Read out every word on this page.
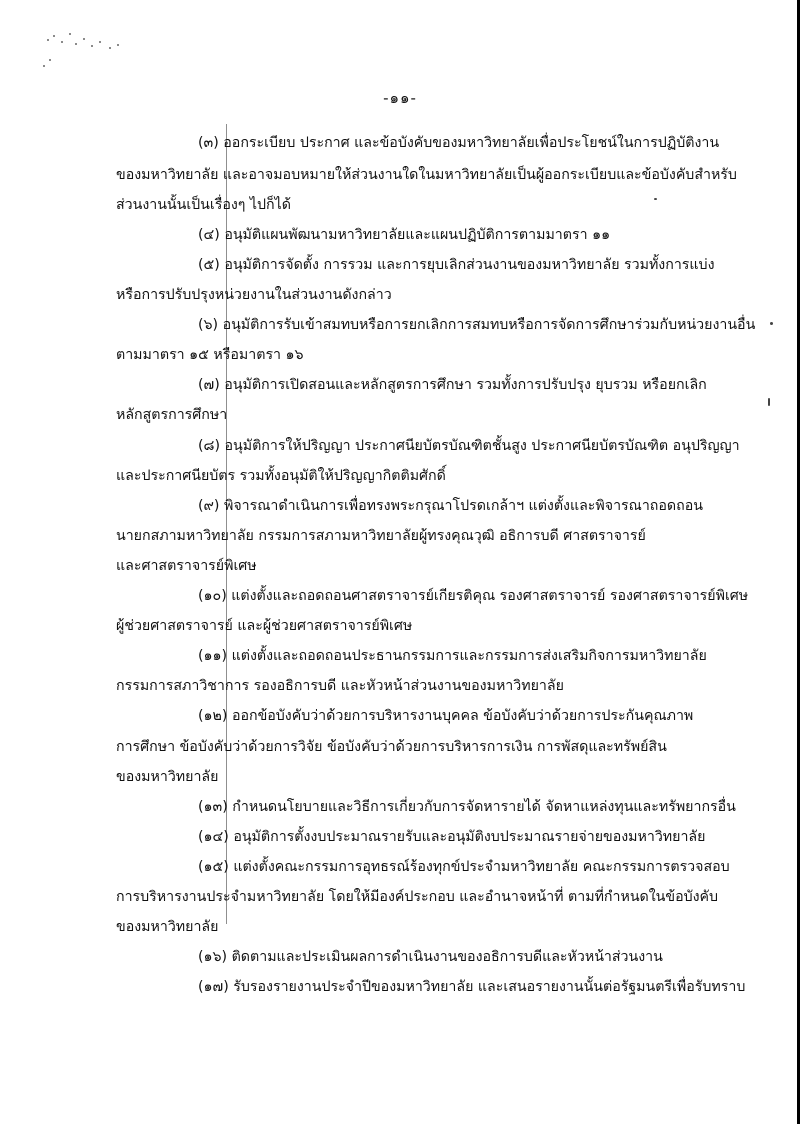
-๑๑-
(๓) ออกระเบียบ ประกาศ และข้อบังคับของมหาวิทยาลัยเพื่อประโยชน์ในการปฏิบัติงาน
ของมหาวิทยาลัย และอาจมอบหมายให้ส่วนงานใดในมหาวิทยาลัยเป็นผู้ออกระเบียบและข้อบังคับสำหรับ
ส่วนงานนั้นเป็นเรื่องๆ ไปก็ได้
(๔) อนุมัติแผนพัฒนามหาวิทยาลัยและแผนปฏิบัติการตามมาตรา ๑๑
(๕) อนุมัติการจัดตั้ง การรวม และการยุบเลิกส่วนงานของมหาวิทยาลัย รวมทั้งการแบ่ง
หรือการปรับปรุงหน่วยงานในส่วนงานดังกล่าว
(๖) อนุมัติการรับเข้าสมทบหรือการยกเลิกการสมทบหรือการจัดการศึกษาร่วมกับหน่วยงานอื่น
ตามมาตรา ๑๕ หรือมาตรา ๑๖
(๗) อนุมัติการเปิดสอนและหลักสูตรการศึกษา รวมทั้งการปรับปรุง ยุบรวม หรือยกเลิก
หลักสูตรการศึกษา
(๘) อนุมัติการให้ปริญญา ประกาศนียบัตรบัณฑิตชั้นสูง ประกาศนียบัตรบัณฑิต อนุปริญญา
และประกาศนียบัตร รวมทั้งอนุมัติให้ปริญญากิตติมศักดิ์
(๙) พิจารณาดำเนินการเพื่อทรงพระกรุณาโปรดเกล้าฯ แต่งตั้งและพิจารณาถอดถอน
นายกสภามหาวิทยาลัย กรรมการสภามหาวิทยาลัยผู้ทรงคุณวุฒิ อธิการบดี ศาสตราจารย์
และศาสตราจารย์พิเศษ
(๑๐) แต่งตั้งและถอดถอนศาสตราจารย์เกียรติคุณ รองศาสตราจารย์ รองศาสตราจารย์พิเศษ
ผู้ช่วยศาสตราจารย์ และผู้ช่วยศาสตราจารย์พิเศษ
(๑๑) แต่งตั้งและถอดถอนประธานกรรมการและกรรมการส่งเสริมกิจการมหาวิทยาลัย
กรรมการสภาวิชาการ รองอธิการบดี และหัวหน้าส่วนงานของมหาวิทยาลัย
(๑๒) ออกข้อบังคับว่าด้วยการบริหารงานบุคคล ข้อบังคับว่าด้วยการประกันคุณภาพ
การศึกษา ข้อบังคับว่าด้วยการวิจัย ข้อบังคับว่าด้วยการบริหารการเงิน การพัสดุและทรัพย์สิน
ของมหาวิทยาลัย
(๑๓) กำหนดนโยบายและวิธีการเกี่ยวกับการจัดหารายได้ จัดหาแหล่งทุนและทรัพยากรอื่น
(๑๔) อนุมัติการตั้งงบประมาณรายรับและอนุมัติงบประมาณรายจ่ายของมหาวิทยาลัย
(๑๕) แต่งตั้งคณะกรรมการอุทธรณ์ร้องทุกข์ประจำมหาวิทยาลัย คณะกรรมการตรวจสอบ
การบริหารงานประจำมหาวิทยาลัย โดยให้มีองค์ประกอบ และอำนาจหน้าที่ ตามที่กำหนดในข้อบังคับ
ของมหาวิทยาลัย
(๑๖) ติดตามและประเมินผลการดำเนินงานของอธิการบดีและหัวหน้าส่วนงาน
(๑๗) รับรองรายงานประจำปีของมหาวิทยาลัย และเสนอรายงานนั้นต่อรัฐมนตรีเพื่อรับทราบ
